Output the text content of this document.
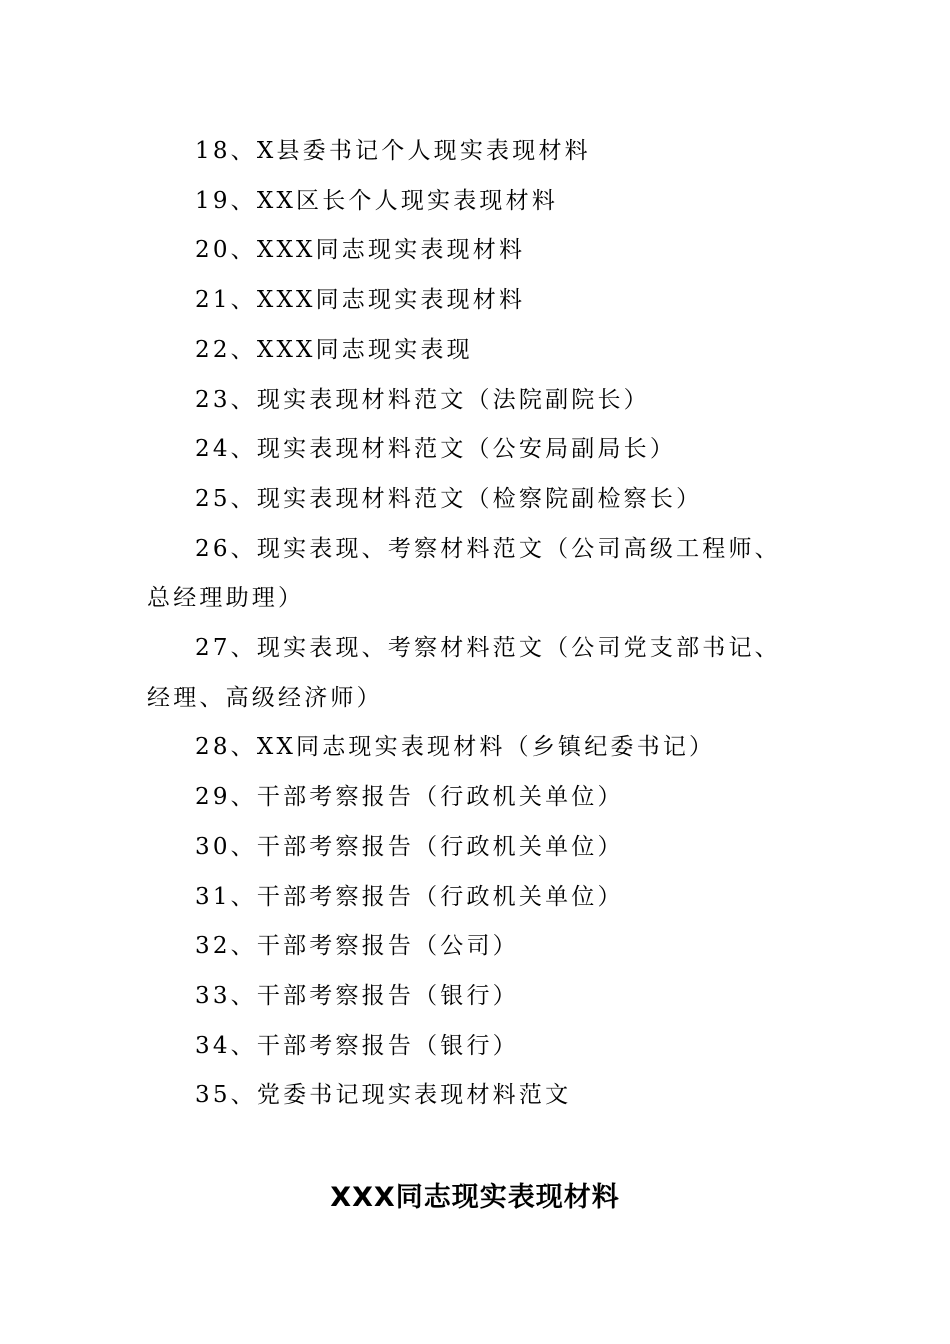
18、X县委书记个人现实表现材料
19、XX区长个人现实表现材料
20、XXX同志现实表现材料
21、XXX同志现实表现材料
22、XXX同志现实表现
23、现实表现材料范文（法院副院长）
24、现实表现材料范文（公安局副局长）
25、现实表现材料范文（检察院副检察长）
26、现实表现、考察材料范文（公司高级工程师、总经理助理）
27、现实表现、考察材料范文（公司党支部书记、经理、高级经济师）
28、XX同志现实表现材料（乡镇纪委书记）
29、干部考察报告（行政机关单位）
30、干部考察报告（行政机关单位）
31、干部考察报告（行政机关单位）
32、干部考察报告（公司）
33、干部考察报告（银行）
34、干部考察报告（银行）
35、党委书记现实表现材料范文
XXX同志现实表现材料
